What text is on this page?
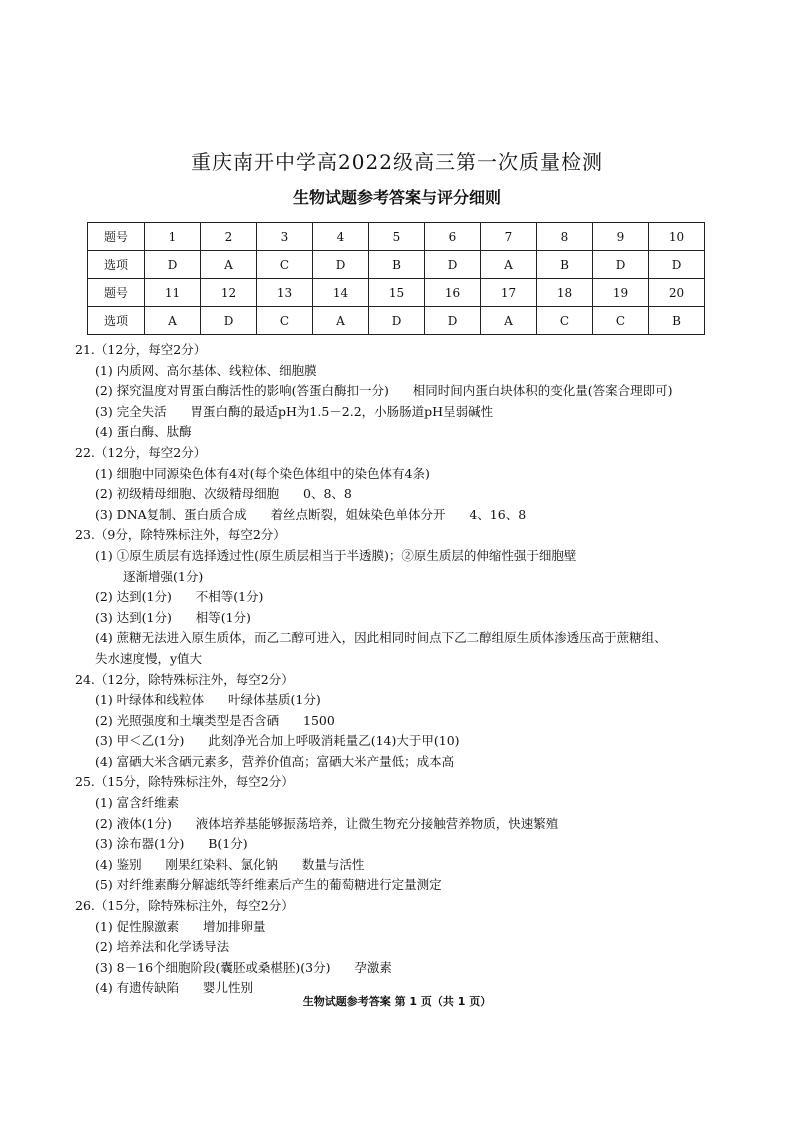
重庆南开中学高2022级高三第一次质量检测
生物试题参考答案与评分细则
题号	1	2	3	4	5	6	7	8	9	10
选项	D	A	C	D	B	D	A	B	D	D
题号	11	12	13	14	15	16	17	18	19	20
选项	A	D	C	A	D	D	A	C	C	B
21.（12分，每空2分）
(1) 内质网、高尔基体、线粒体、细胞膜
(2) 探究温度对胃蛋白酶活性的影响(答蛋白酶扣一分)      相同时间内蛋白块体积的变化量(答案合理即可)
(3) 完全失活      胃蛋白酶的最适pH为1.5－2.2，小肠肠道pH呈弱碱性
(4) 蛋白酶、肽酶
22.（12分，每空2分）
(1) 细胞中同源染色体有4对(每个染色体组中的染色体有4条)
(2) 初级精母细胞、次级精母细胞      0、8、8
(3) DNA复制、蛋白质合成      着丝点断裂，姐妹染色单体分开      4、16、8
23.（9分，除特殊标注外，每空2分）
(1) ①原生质层有选择透过性(原生质层相当于半透膜)；②原生质层的伸缩性强于细胞壁
逐渐增强(1分)
(2) 达到(1分)      不相等(1分)
(3) 达到(1分)      相等(1分)
(4) 蔗糖无法进入原生质体，而乙二醇可进入，因此相同时间点下乙二醇组原生质体渗透压高于蔗糖组、
失水速度慢，y值大
24.（12分，除特殊标注外，每空2分）
(1) 叶绿体和线粒体      叶绿体基质(1分)
(2) 光照强度和土壤类型是否含硒      1500
(3) 甲＜乙(1分)      此刻净光合加上呼吸消耗量乙(14)大于甲(10)
(4) 富硒大米含硒元素多，营养价值高；富硒大米产量低；成本高
25.（15分，除特殊标注外，每空2分）
(1) 富含纤维素
(2) 液体(1分)      液体培养基能够振荡培养，让微生物充分接触营养物质，快速繁殖
(3) 涂布器(1分)      B(1分)
(4) 鉴别      刚果红染料、氯化钠      数量与活性
(5) 对纤维素酶分解滤纸等纤维素后产生的葡萄糖进行定量测定
26.（15分，除特殊标注外，每空2分）
(1) 促性腺激素      增加排卵量
(2) 培养法和化学诱导法
(3) 8－16个细胞阶段(囊胚或桑椹胚)(3分)      孕激素
(4) 有遗传缺陷      婴儿性别
生物试题参考答案 第 1 页（共 1 页）
